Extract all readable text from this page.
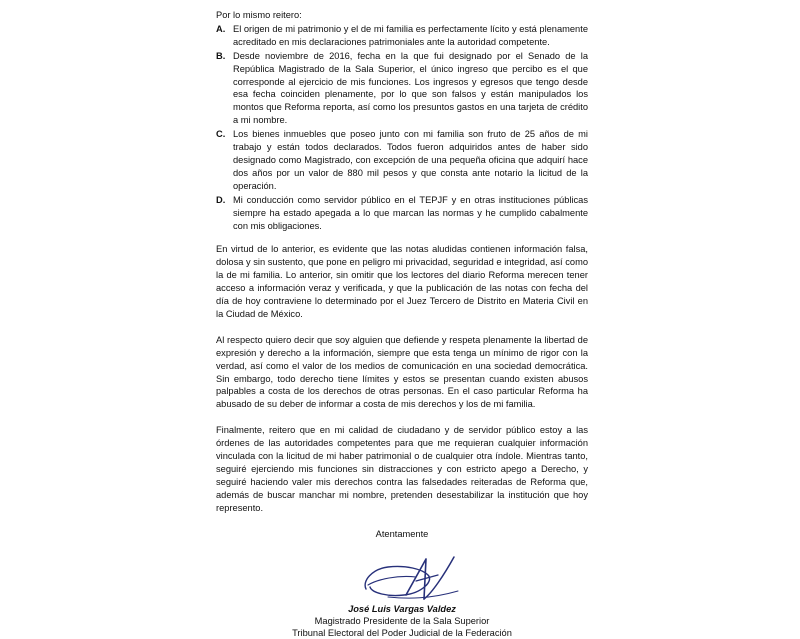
Por lo mismo reitero:
A. El origen de mi patrimonio y el de mi familia es perfectamente lícito y está plenamente acreditado en mis declaraciones patrimoniales ante la autoridad competente.
B. Desde noviembre de 2016, fecha en la que fui designado por el Senado de la República Magistrado de la Sala Superior, el único ingreso que percibo es el que corresponde al ejercicio de mis funciones. Los ingresos y egresos que tengo desde esa fecha coinciden plenamente, por lo que son falsos y están manipulados los montos que Reforma reporta, así como los presuntos gastos en una tarjeta de crédito a mi nombre.
C. Los bienes inmuebles que poseo junto con mi familia son fruto de 25 años de mi trabajo y están todos declarados. Todos fueron adquiridos antes de haber sido designado como Magistrado, con excepción de una pequeña oficina que adquirí hace dos años por un valor de 880 mil pesos y que consta ante notario la licitud de la operación.
D. Mi conducción como servidor público en el TEPJF y en otras instituciones públicas siempre ha estado apegada a lo que marcan las normas y he cumplido cabalmente con mis obligaciones.

En virtud de lo anterior, es evidente que las notas aludidas contienen información falsa, dolosa y sin sustento, que pone en peligro mi privacidad, seguridad e integridad, así como la de mi familia. Lo anterior, sin omitir que los lectores del diario Reforma merecen tener acceso a información veraz y verificada, y que la publicación de las notas con fecha del día de hoy contraviene lo determinado por el Juez Tercero de Distrito en Materia Civil en la Ciudad de México.

Al respecto quiero decir que soy alguien que defiende y respeta plenamente la libertad de expresión y derecho a la información, siempre que esta tenga un mínimo de rigor con la verdad, así como el valor de los medios de comunicación en una sociedad democrática. Sin embargo, todo derecho tiene límites y estos se presentan cuando existen abusos palpables a costa de los derechos de otras personas. En el caso particular Reforma ha abusado de su deber de informar a costa de mis derechos y los de mi familia.

Finalmente, reitero que en mi calidad de ciudadano y de servidor público estoy a las órdenes de las autoridades competentes para que me requieran cualquier información vinculada con la licitud de mi haber patrimonial o de cualquier otra índole. Mientras tanto, seguiré ejerciendo mis funciones sin distracciones y con estricto apego a Derecho, y seguiré haciendo valer mis derechos contra las falsedades reiteradas de Reforma que, además de buscar manchar mi nombre, pretenden desestabilizar la institución que hoy represento.

Atentamente
José Luis Vargas Valdez
Magistrado Presidente de la Sala Superior
Tribunal Electoral del Poder Judicial de la Federación
